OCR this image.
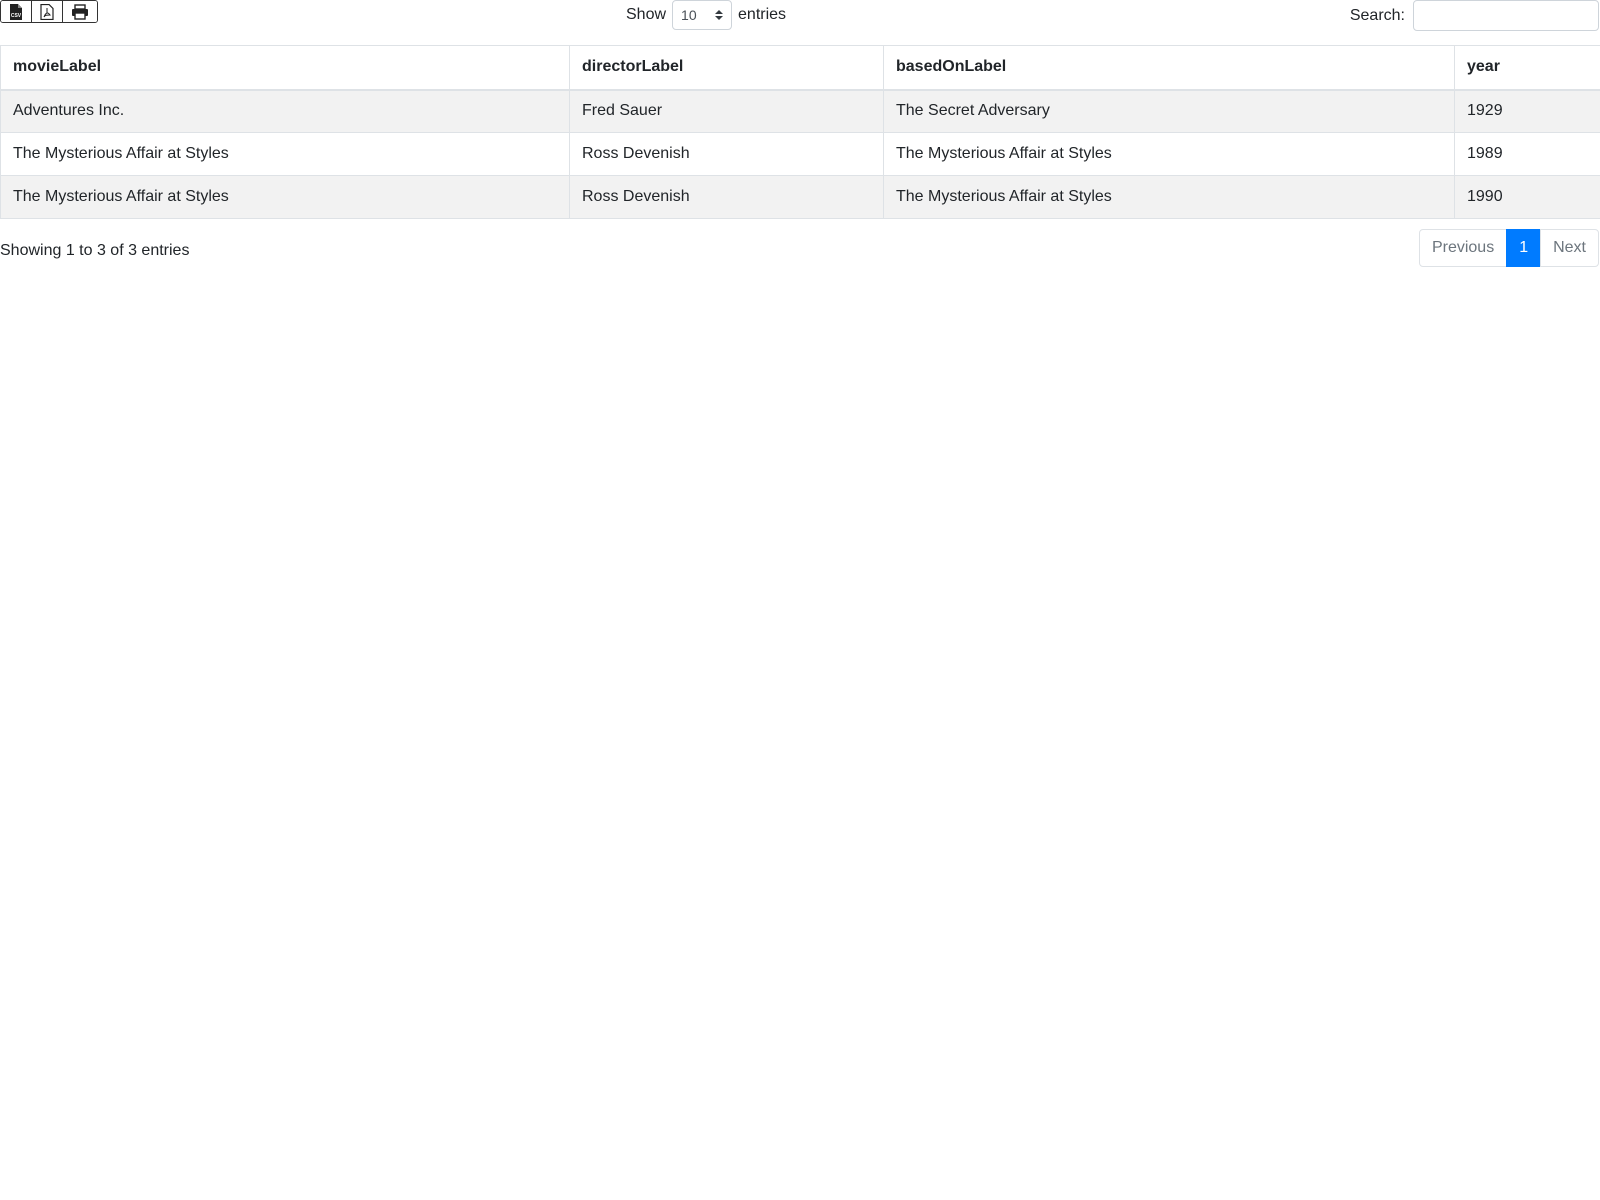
CSV	Show 10	entries	Search:
movieLabel	directorLabel	basedOnLabel	year
Adventures Inc.	Fred Sauer	The Secret Adversary	1929
The Mysterious Affair at Styles	Ross Devenish	The Mysterious Affair at Styles	1989
The Mysterious Affair at Styles	Ross Devenish	The Mysterious Affair at Styles	1990
Showing 1 to 3 of 3 entries	Previous	1	Next
